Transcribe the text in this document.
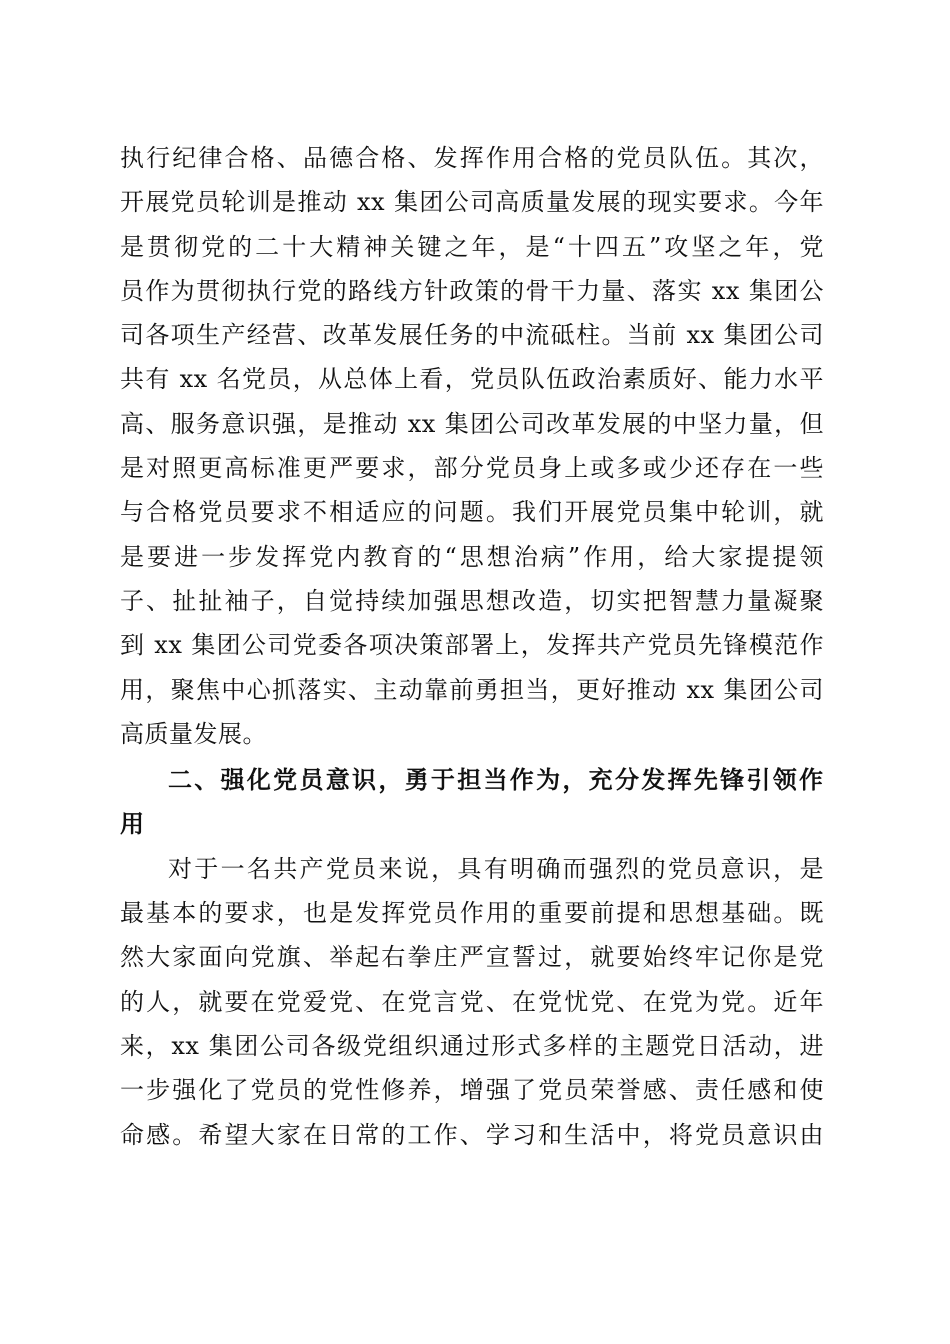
执行纪律合格、品德合格、发挥作用合格的党员队伍。其次，
开展党员轮训是推动 xx 集团公司高质量发展的现实要求。今年
是贯彻党的二十大精神关键之年，是“十四五”攻坚之年，党
员作为贯彻执行党的路线方针政策的骨干力量、落实 xx 集团公
司各项生产经营、改革发展任务的中流砥柱。当前 xx 集团公司
共有 xx 名党员，从总体上看，党员队伍政治素质好、能力水平
高、服务意识强，是推动 xx 集团公司改革发展的中坚力量，但
是对照更高标准更严要求，部分党员身上或多或少还存在一些
与合格党员要求不相适应的问题。我们开展党员集中轮训，就
是要进一步发挥党内教育的“思想治病”作用，给大家提提领
子、扯扯袖子，自觉持续加强思想改造，切实把智慧力量凝聚
到 xx 集团公司党委各项决策部署上，发挥共产党员先锋模范作
用，聚焦中心抓落实、主动靠前勇担当，更好推动 xx 集团公司
高质量发展。
二、强化党员意识，勇于担当作为，充分发挥先锋引领作
用
对于一名共产党员来说，具有明确而强烈的党员意识，是
最基本的要求，也是发挥党员作用的重要前提和思想基础。既
然大家面向党旗、举起右拳庄严宣誓过，就要始终牢记你是党
的人，就要在党爱党、在党言党、在党忧党、在党为党。近年
来，xx 集团公司各级党组织通过形式多样的主题党日活动，进
一步强化了党员的党性修养，增强了党员荣誉感、责任感和使
命感。希望大家在日常的工作、学习和生活中，将党员意识由
